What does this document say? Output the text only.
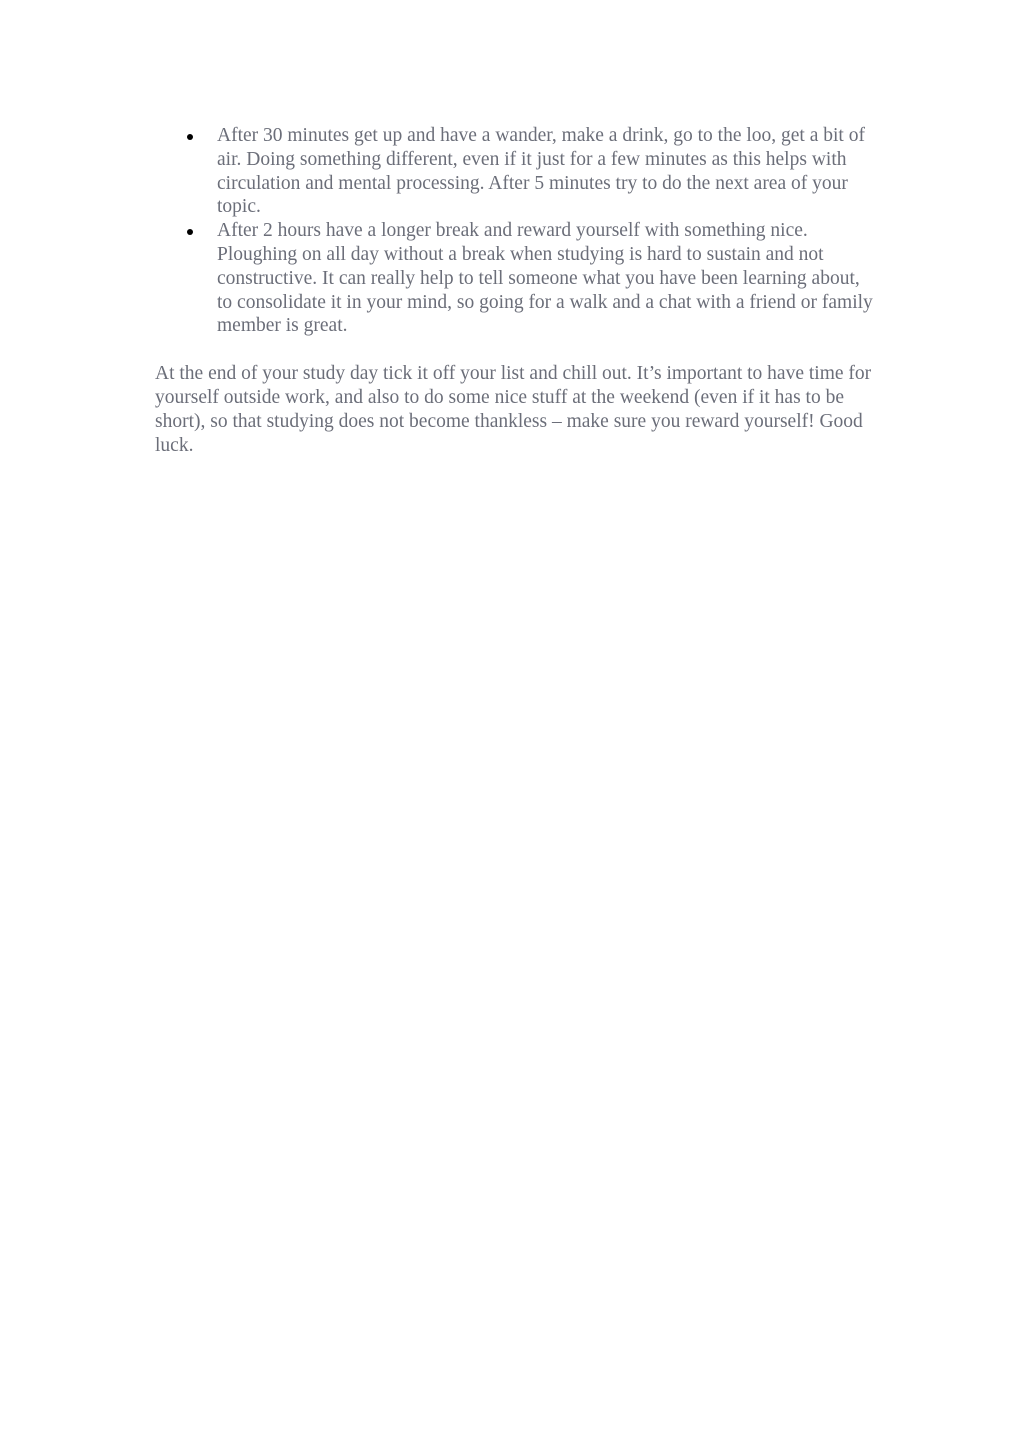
After 30 minutes get up and have a wander, make a drink, go to the loo, get a bit of air. Doing something different, even if it just for a few minutes as this helps with circulation and mental processing. After 5 minutes try to do the next area of your topic.
After 2 hours have a longer break and reward yourself with something nice. Ploughing on all day without a break when studying is hard to sustain and not constructive. It can really help to tell someone what you have been learning about, to consolidate it in your mind, so going for a walk and a chat with a friend or family member is great.

At the end of your study day tick it off your list and chill out. It’s important to have time for yourself outside work, and also to do some nice stuff at the weekend (even if it has to be short), so that studying does not become thankless – make sure you reward yourself! Good luck.
